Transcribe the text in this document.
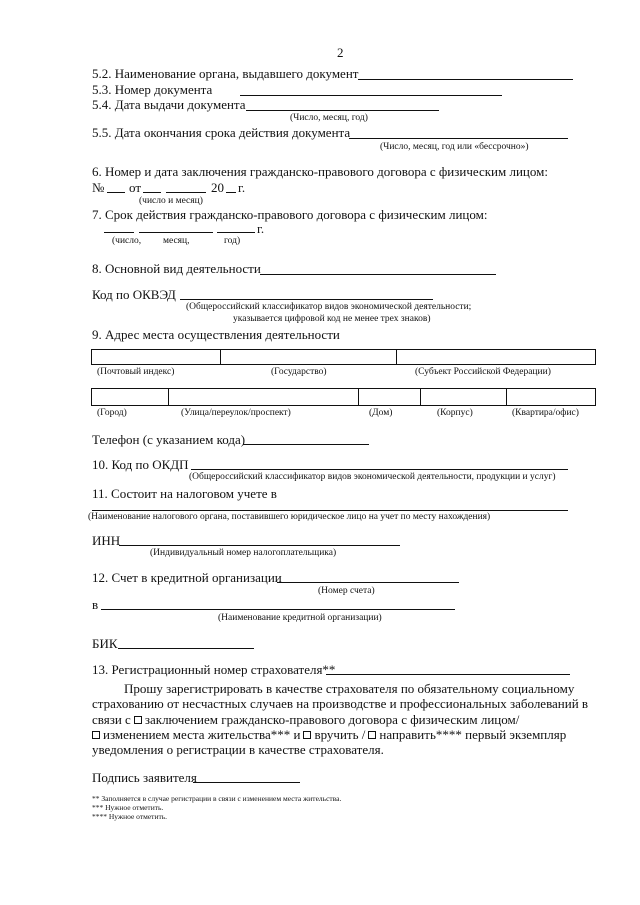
2
5.2. Наименование органа, выдавшего документ
5.3. Номер документа
5.4. Дата выдачи документа
(Число, месяц, год)
5.5. Дата окончания срока действия документа
(Число, месяц, год или «бессрочно»)
6. Номер и дата заключения гражданско-правового договора с физическим лицом:
№ от	20 г.
(число и месяц)
7. Срок действия гражданско-правового договора с физическим лицом:
г.
(число, месяц,	год)
8. Основной вид деятельности
Код по ОКВЭД
(Общероссийский классификатор видов экономической деятельности;
указывается цифровой код не менее трех знаков)
9. Адрес места осуществления деятельности
(Почтовый индекс)	(Государство)	(Субъект Российской Федерации)
(Город)	(Улица/переулок/проспект)	(Дом)	(Корпус)	(Квартира/офис)
Телефон (с указанием кода)
10. Код по ОКДП
(Общероссийский классификатор видов экономической деятельности, продукции и услуг)
11. Состоит на налоговом учете в
(Наименование налогового органа, поставившего юридическое лицо на учет по месту нахождения)
ИНН
(Индивидуальный номер налогоплательщика)
12. Счет в кредитной организации
(Номер счета)
в
(Наименование кредитной организации)
БИК
13. Регистрационный номер страхователя**
Прошу зарегистрировать в качестве страхователя по обязательному социальному
страхованию от несчастных случаев на производстве и профессиональных заболеваний в
связи с заключением гражданско-правового договора с физическим лицом/
изменением места жительства*** и вручить / направить**** первый экземпляр
уведомления о регистрации в качестве страхователя.
Подпись заявителя
** Заполняется в случае регистрации в связи с изменением места жительства.
*** Нужное отметить.
**** Нужное отметить.
